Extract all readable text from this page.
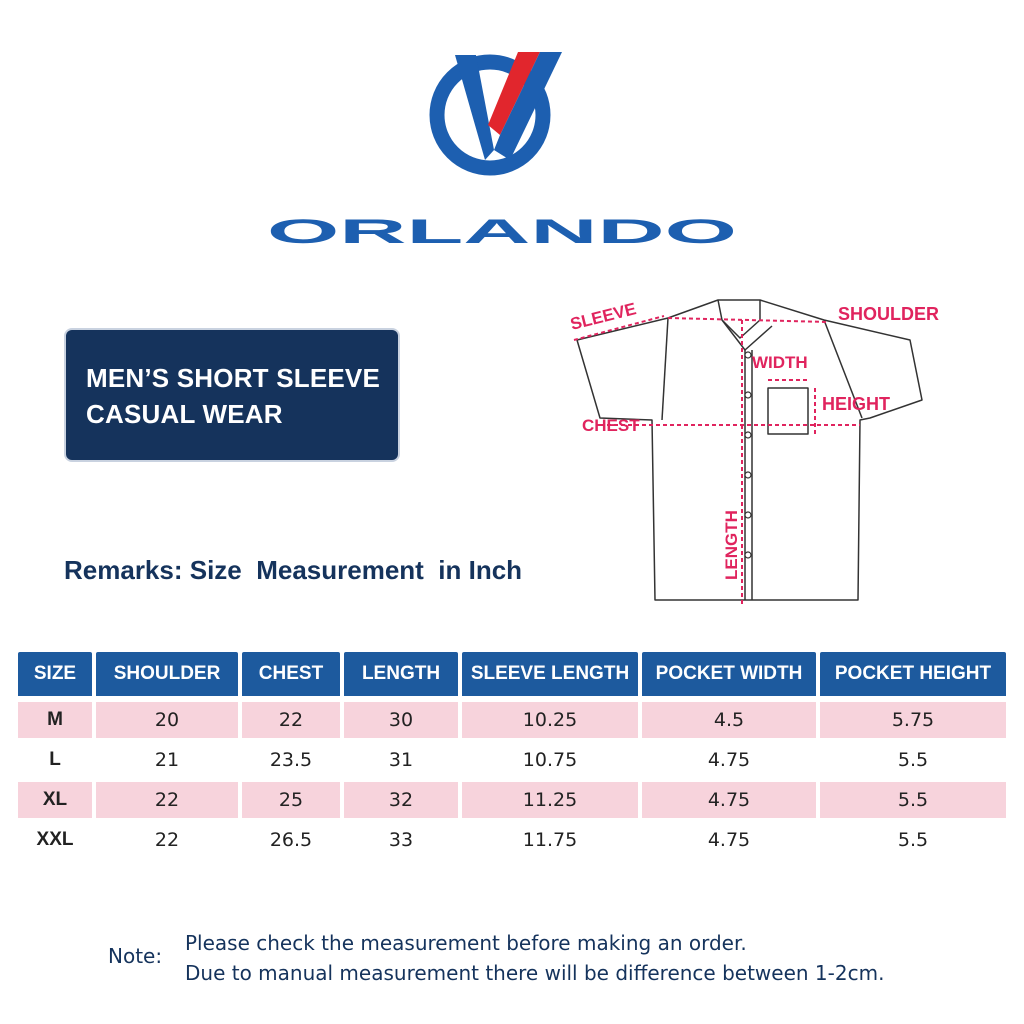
ORLANDO
MEN’S SHORT SLEEVE
CASUAL WEAR
Remarks: Size  Measurement  in Inch
SLEEVE	SHOULDER
WIDTH
HEIGHT
CHEST
LENGTH
SIZE	SHOULDER	CHEST	LENGTH	SLEEVE LENGTH	POCKET WIDTH	POCKET HEIGHT
M	20	22	30	10.25	4.5	5.75
L	21	23.5	31	10.75	4.75	5.5
XL	22	25	32	11.25	4.75	5.5
XXL	22	26.5	33	11.75	4.75	5.5
Note:
Please check the measurement before making an order.
Due to manual measurement there will be difference between 1-2cm.
